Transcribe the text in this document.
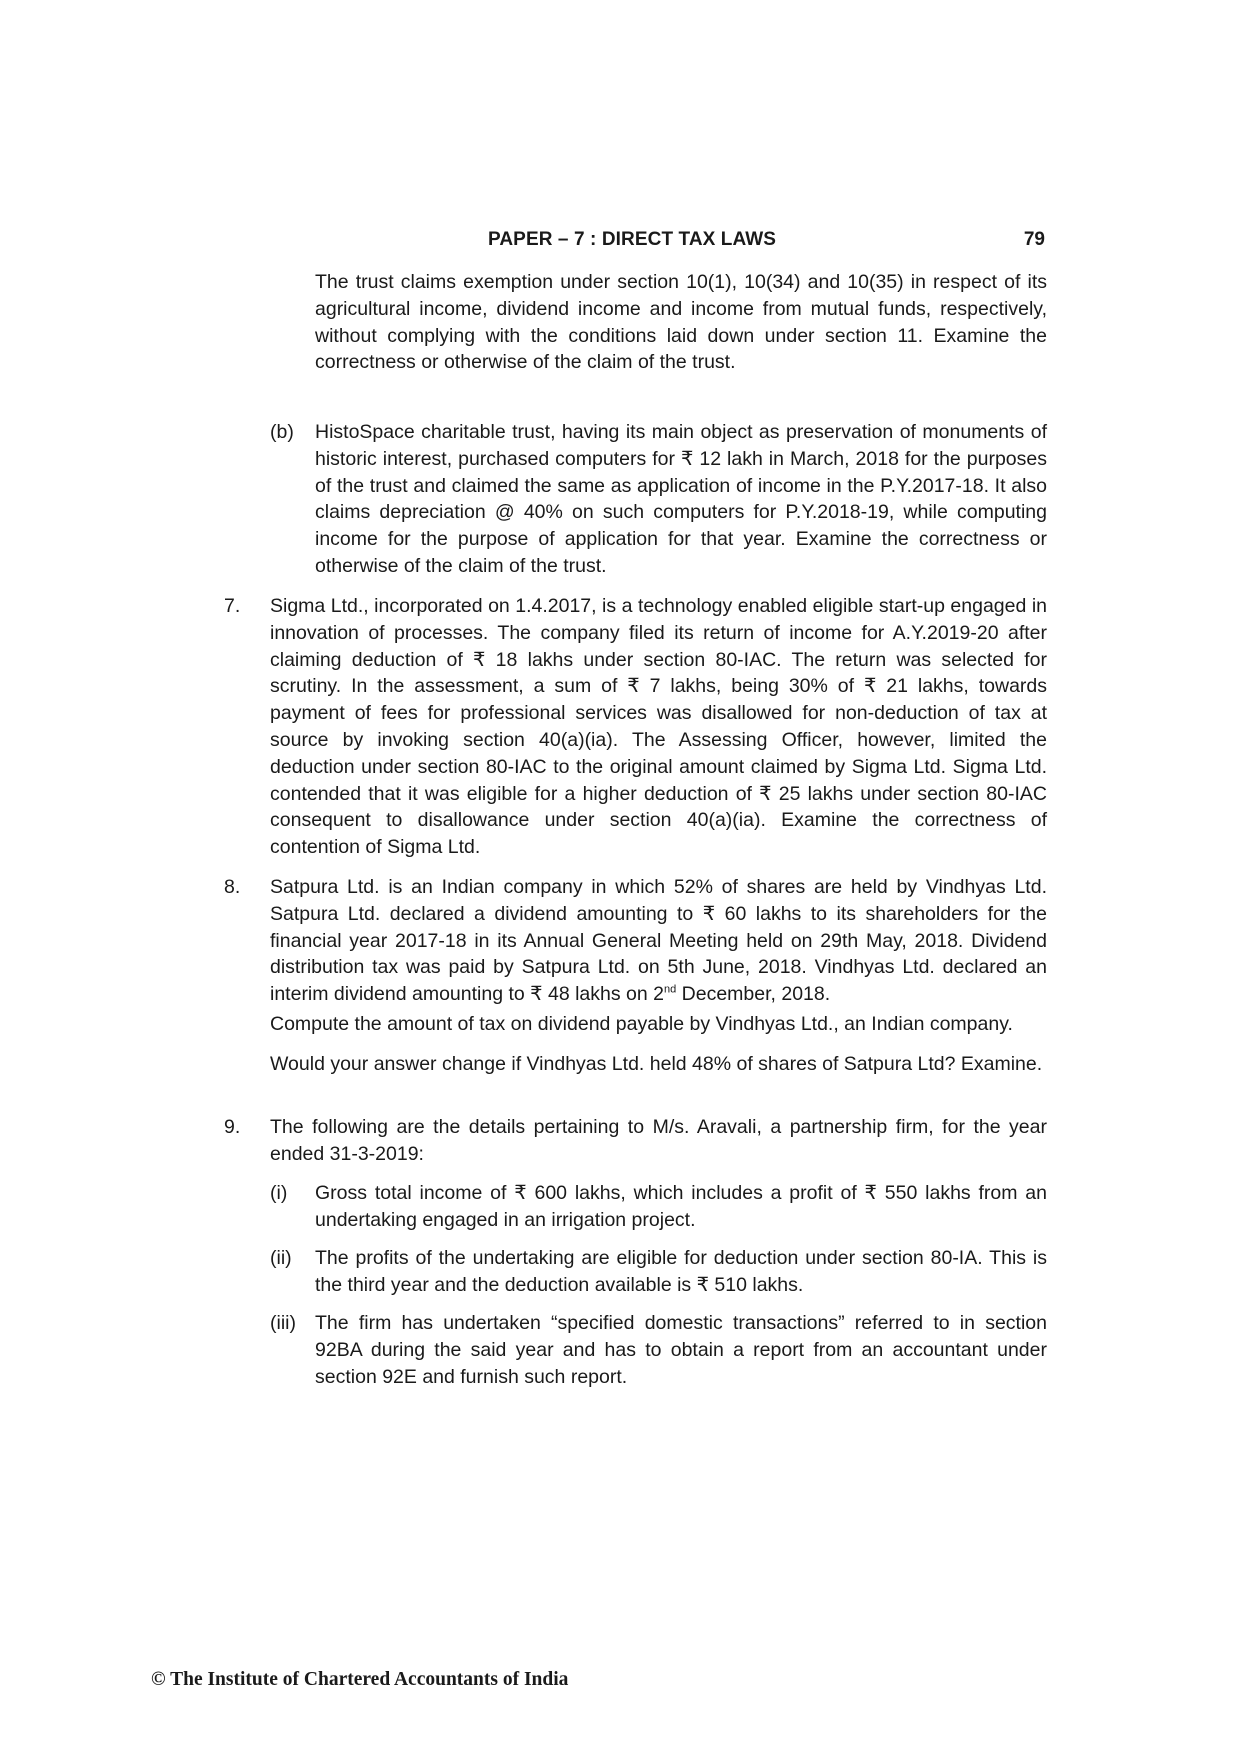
PAPER – 7 : DIRECT TAX LAWS	79

The trust claims exemption under section 10(1), 10(34) and 10(35) in respect of its agricultural income, dividend income and income from mutual funds, respectively, without complying with the conditions laid down under section 11. Examine the correctness or otherwise of the claim of the trust.

(b) HistoSpace charitable trust, having its main object as preservation of monuments of historic interest, purchased computers for ₹ 12 lakh in March, 2018 for the purposes of the trust and claimed the same as application of income in the P.Y.2017-18. It also claims depreciation @ 40% on such computers for P.Y.2018-19, while computing income for the purpose of application for that year. Examine the correctness or otherwise of the claim of the trust.

7. Sigma Ltd., incorporated on 1.4.2017, is a technology enabled eligible start-up engaged in innovation of processes. The company filed its return of income for A.Y.2019-20 after claiming deduction of ₹ 18 lakhs under section 80-IAC. The return was selected for scrutiny. In the assessment, a sum of ₹ 7 lakhs, being 30% of ₹ 21 lakhs, towards payment of fees for professional services was disallowed for non-deduction of tax at source by invoking section 40(a)(ia). The Assessing Officer, however, limited the deduction under section 80-IAC to the original amount claimed by Sigma Ltd. Sigma Ltd. contended that it was eligible for a higher deduction of ₹ 25 lakhs under section 80-IAC consequent to disallowance under section 40(a)(ia). Examine the correctness of contention of Sigma Ltd.

8. Satpura Ltd. is an Indian company in which 52% of shares are held by Vindhyas Ltd. Satpura Ltd. declared a dividend amounting to ₹ 60 lakhs to its shareholders for the financial year 2017-18 in its Annual General Meeting held on 29th May, 2018. Dividend distribution tax was paid by Satpura Ltd. on 5th June, 2018. Vindhyas Ltd. declared an interim dividend amounting to ₹ 48 lakhs on 2nd December, 2018.

Compute the amount of tax on dividend payable by Vindhyas Ltd., an Indian company.

Would your answer change if Vindhyas Ltd. held 48% of shares of Satpura Ltd? Examine.

9. The following are the details pertaining to M/s. Aravali, a partnership firm, for the year ended 31-3-2019:

(i) Gross total income of ₹ 600 lakhs, which includes a profit of ₹ 550 lakhs from an undertaking engaged in an irrigation project.

(ii) The profits of the undertaking are eligible for deduction under section 80-IA. This is the third year and the deduction available is ₹ 510 lakhs.

(iii) The firm has undertaken “specified domestic transactions” referred to in section 92BA during the said year and has to obtain a report from an accountant under section 92E and furnish such report.

© The Institute of Chartered Accountants of India
